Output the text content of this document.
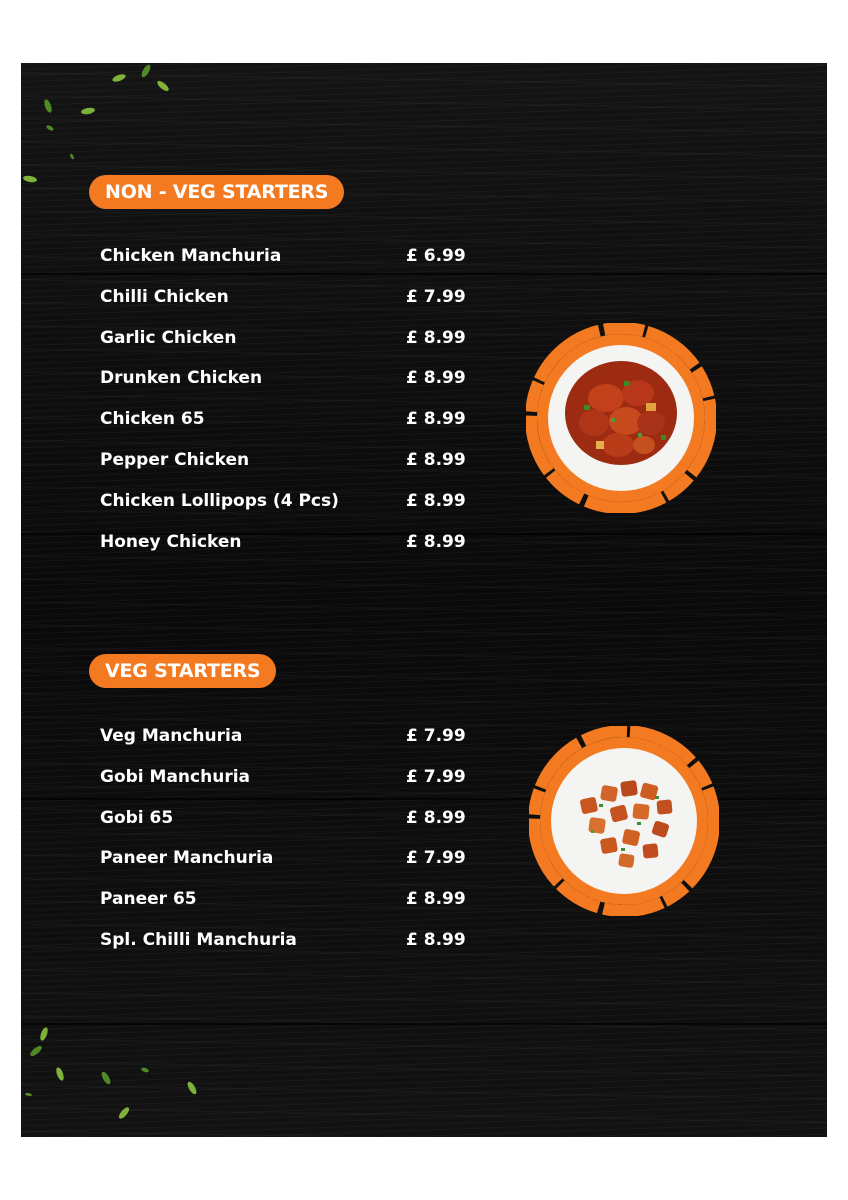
NON - VEG STARTERS
Chicken Manchuria	£ 6.99
Chilli Chicken	£ 7.99
Garlic Chicken	£ 8.99
Drunken Chicken	£ 8.99
Chicken 65	£ 8.99
Pepper Chicken	£ 8.99
Chicken Lollipops (4 Pcs)	£ 8.99
Honey Chicken	£ 8.99
VEG STARTERS
Veg Manchuria	£ 7.99
Gobi Manchuria	£ 7.99
Gobi 65	£ 8.99
Paneer Manchuria	£ 7.99
Paneer 65	£ 8.99
Spl. Chilli Manchuria	£ 8.99
